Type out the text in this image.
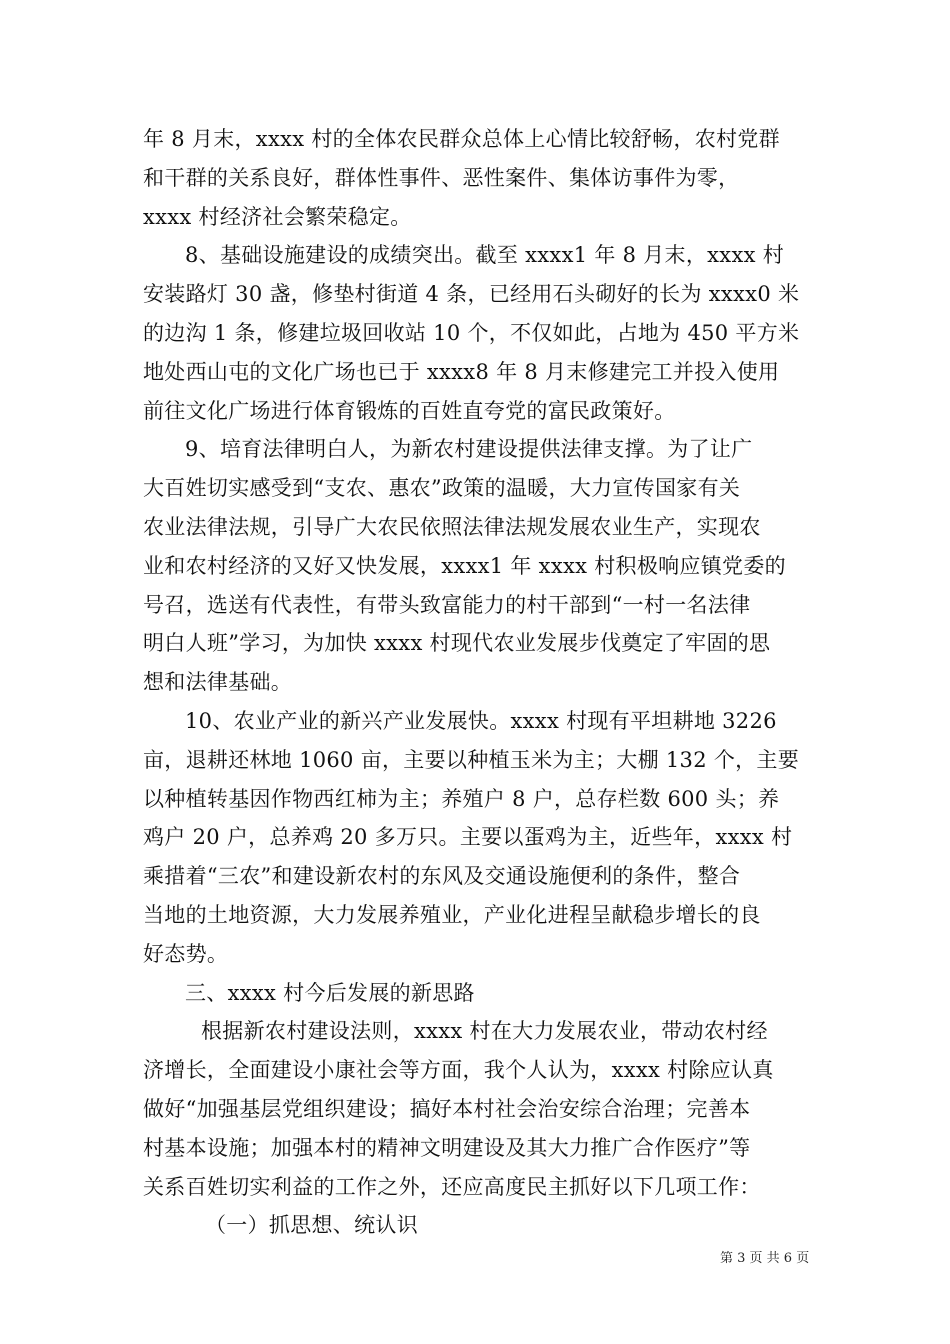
年 8 月末，xxxx 村的全体农民群众总体上心情比较舒畅，农村党群
和干群的关系良好，群体性事件、恶性案件、集体访事件为零，
xxxx 村经济社会繁荣稳定。
8、基础设施建设的成绩突出。截至 xxxx1 年 8 月末，xxxx 村
安装路灯 30 盏，修垫村街道 4 条，已经用石头砌好的长为 xxxx0 米
的边沟 1 条，修建垃圾回收站 10 个，不仅如此，占地为 450 平方米
地处西山屯的文化广场也已于 xxxx8 年 8 月末修建完工并投入使用
前往文化广场进行体育锻炼的百姓直夸党的富民政策好。
9、培育法律明白人，为新农村建设提供法律支撑。为了让广
大百姓切实感受到“支农、惠农”政策的温暖，大力宣传国家有关
农业法律法规，引导广大农民依照法律法规发展农业生产，实现农
业和农村经济的又好又快发展，xxxx1 年 xxxx 村积极响应镇党委的
号召，选送有代表性，有带头致富能力的村干部到“一村一名法律
明白人班”学习，为加快 xxxx 村现代农业发展步伐奠定了牢固的思
想和法律基础。
10、农业产业的新兴产业发展快。xxxx 村现有平坦耕地 3226
亩，退耕还林地 1060 亩，主要以种植玉米为主；大棚 132 个，主要
以种植转基因作物西红柿为主；养殖户 8 户，总存栏数 600 头；养
鸡户 20 户，总养鸡 20 多万只。主要以蛋鸡为主，近些年，xxxx 村
乘措着“三农”和建设新农村的东风及交通设施便利的条件，整合
当地的土地资源，大力发展养殖业，产业化进程呈献稳步增长的良
好态势。
三、xxxx 村今后发展的新思路
根据新农村建设法则，xxxx 村在大力发展农业，带动农村经
济增长，全面建设小康社会等方面，我个人认为，xxxx 村除应认真
做好“加强基层党组织建设；搞好本村社会治安综合治理；完善本
村基本设施；加强本村的精神文明建设及其大力推广合作医疗”等
关系百姓切实利益的工作之外，还应高度民主抓好以下几项工作：
（一）抓思想、统认识
第 3 页 共 6 页
